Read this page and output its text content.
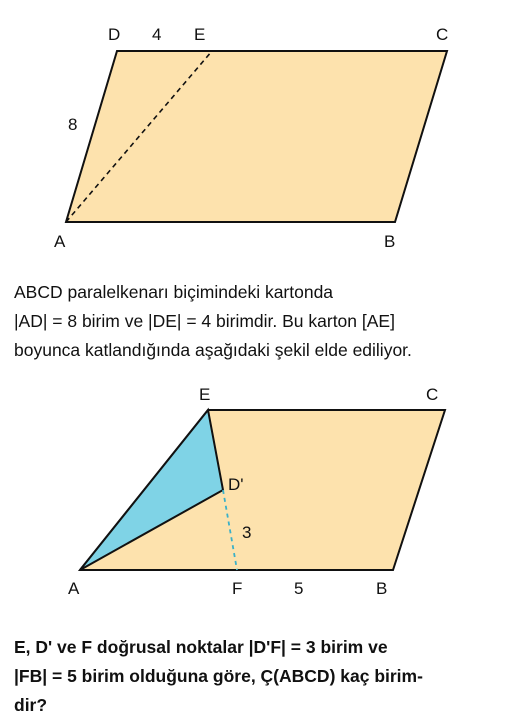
D 4 E	C
8
A	B

ABCD paralelkenarı biçimindeki kartonda
|AD| = 8 birim ve |DE| = 4 birimdir. Bu karton [AE]
boyunca katlandığında aşağıdaki şekil elde ediliyor.

E	C
D'
3
A	F	5	B

E, D' ve F doğrusal noktalar |D'F| = 3 birim ve
|FB| = 5 birim olduğuna göre, Ç(ABCD) kaç birim-
dir?
